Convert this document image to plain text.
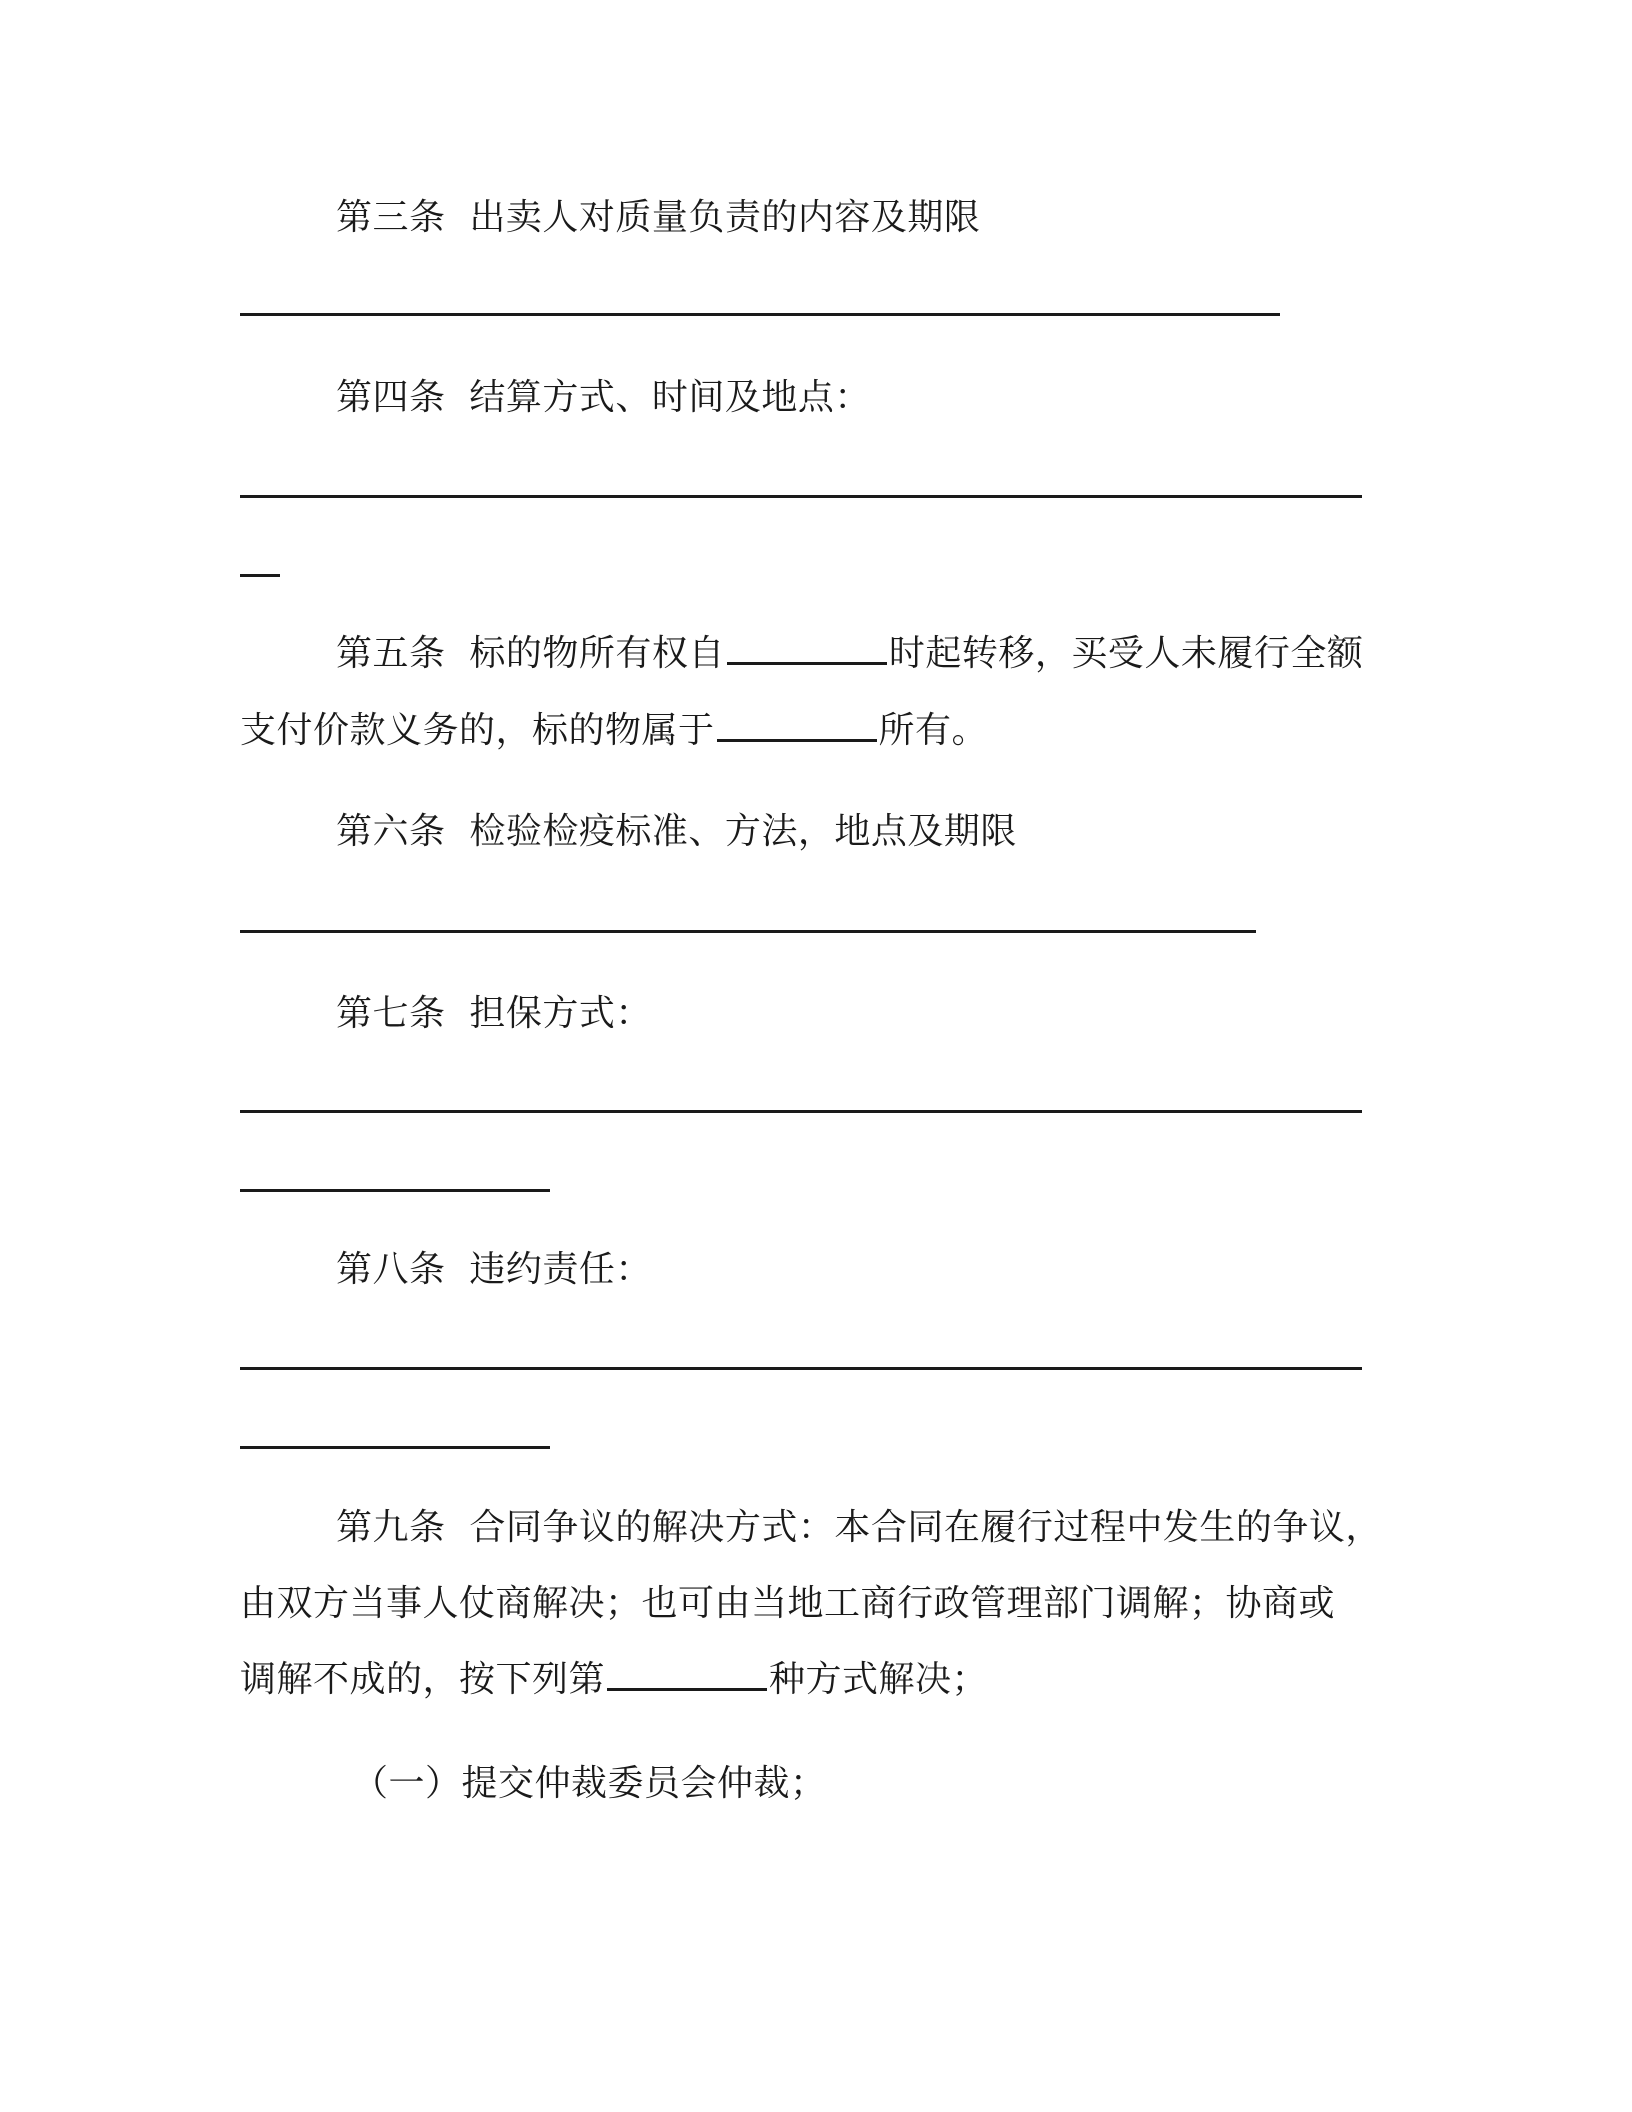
第三条 出卖人对质量负责的内容及期限
第四条 结算方式、时间及地点：
第五条 标的物所有权自	时起转移，买受人未履行全额
支付价款义务的，标的物属于	所有。
第六条 检验检疫标准、方法，地点及期限
第七条 担保方式：
第八条 违约责任：
第九条 合同争议的解决方式：本合同在履行过程中发生的争议，
由双方当事人仗商解决；也可由当地工商行政管理部门调解；协商或
调解不成的，按下列第	种方式解决；
（一）提交仲裁委员会仲裁；
